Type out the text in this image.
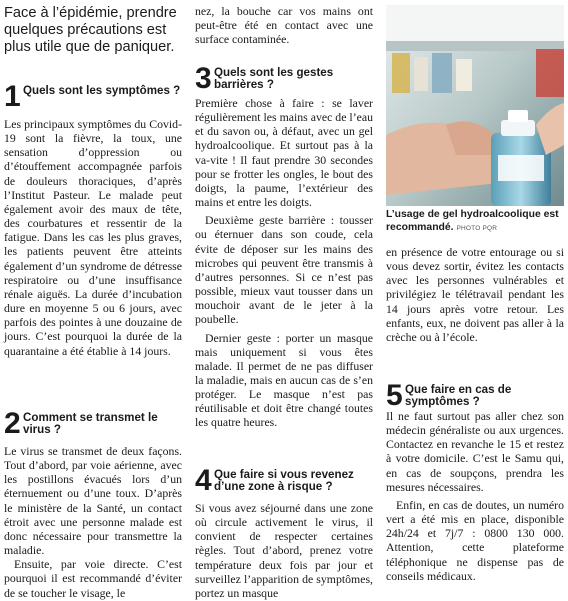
Face à l’épidémie, prendre quelques précautions est plus utile que de paniquer.
1 Quels sont les symptômes ?

Les principaux symptômes du Covid-19 sont la fièvre, la toux, une sensation d’oppression ou d’étouffement accompagnée parfois de douleurs thoraciques, d’après l’Institut Pasteur. Le malade peut également avoir des maux de tête, des courbatures et ressentir de la fatigue. Dans les cas les plus graves, les patients peuvent être atteints également d’un syndrome de détresse respiratoire ou d’une insuffisance rénale aiguës. La durée d’incubation dure en moyenne 5 ou 6 jours, avec parfois des pointes à une douzaine de jours. C’est pourquoi la durée de la quarantaine a été établie à 14 jours.

2 Comment se transmet le virus ?

Le virus se transmet de deux façons. Tout d’abord, par voie aérienne, avec les postillons évacués lors d’un éternuement ou d’une toux. D’après le ministère de la Santé, un contact étroit avec une personne malade est donc nécessaire pour transmettre la maladie.

Ensuite, par voie directe. C’est pourquoi il est recommandé d’éviter de se toucher le visage, le

nez, la bouche car vos mains ont peut-être été en contact avec une surface contaminée.

3 Quels sont les gestes barrières ?

Première chose à faire : se laver régulièrement les mains avec de l’eau et du savon ou, à défaut, avec un gel hydroalcoolique. Et surtout pas à la va-vite ! Il faut prendre 30 secondes pour se frotter les ongles, le bout des doigts, la paume, l’extérieur des mains et entre les doigts.

Deuxième geste barrière : tousser ou éternuer dans son coude, cela évite de déposer sur les mains des microbes qui peuvent être transmis à d’autres personnes. Si ce n’est pas possible, mieux vaut tousser dans un mouchoir avant de le jeter à la poubelle.

Dernier geste : porter un masque mais uniquement si vous êtes malade. Il permet de ne pas diffuser la maladie, mais en aucun cas de s’en protéger. Le masque n’est pas réutilisable et doit être changé toutes les quatre heures.

4 Que faire si vous revenez d’une zone à risque ?

Si vous avez séjourné dans une zone où circule activement le virus, il convient de respecter certaines règles. Tout d’abord, prenez votre température deux fois par jour et surveillez l’apparition de symptômes, portez un masque

L’usage de gel hydroalcoolique est recommandé. PHOTO PQR

en présence de votre entourage ou si vous devez sortir, évitez les contacts avec les personnes vulnérables et privilégiez le télétravail pendant les 14 jours après votre retour. Les enfants, eux, ne doivent pas aller à la crèche ou à l’école.

5 Que faire en cas de symptômes ?

Il ne faut surtout pas aller chez son médecin généraliste ou aux urgences. Contactez en revanche le 15 et restez à votre domicile. C’est le Samu qui, en cas de soupçons, prendra les mesures nécessaires.

Enfin, en cas de doutes, un numéro vert a été mis en place, disponible 24h/24 et 7j/7 : 0800 130 000. Attention, cette plateforme téléphonique ne dispense pas de conseils médicaux.
